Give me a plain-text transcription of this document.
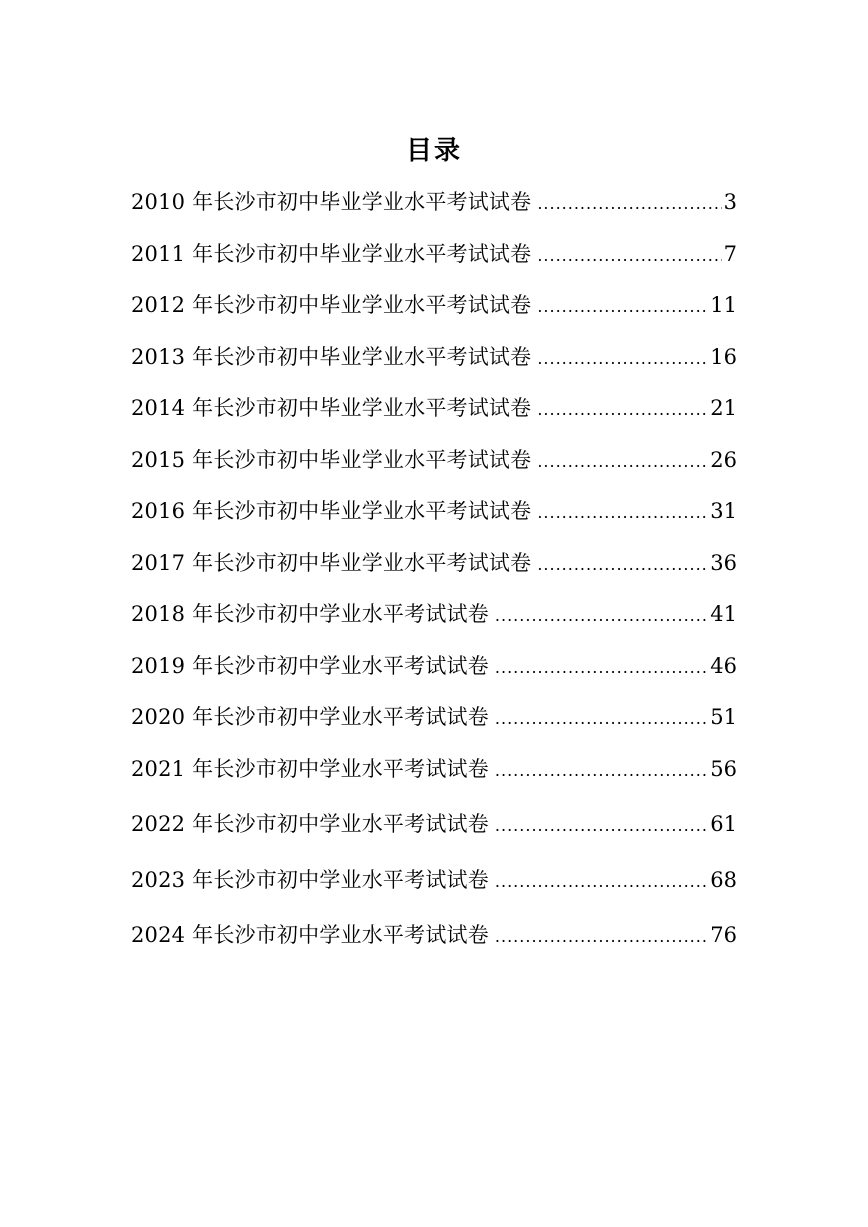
目录
2010 年长沙市初中毕业学业水平考试试卷 .....	3
2011 年长沙市初中毕业学业水平考试试卷 .....	7
2012 年长沙市初中毕业学业水平考试试卷 .....	11
2013 年长沙市初中毕业学业水平考试试卷 .....	16
2014 年长沙市初中毕业学业水平考试试卷 .....	21
2015 年长沙市初中毕业学业水平考试试卷 .....	26
2016 年长沙市初中毕业学业水平考试试卷 .....	31
2017 年长沙市初中毕业学业水平考试试卷 .....	36
2018 年长沙市初中学业水平考试试卷 .....	41
2019 年长沙市初中学业水平考试试卷 .....	46
2020 年长沙市初中学业水平考试试卷 .....	51
2021 年长沙市初中学业水平考试试卷 .....	56
2022 年长沙市初中学业水平考试试卷 .....	61
2023 年长沙市初中学业水平考试试卷 .....	68
2024 年长沙市初中学业水平考试试卷 .....	76
